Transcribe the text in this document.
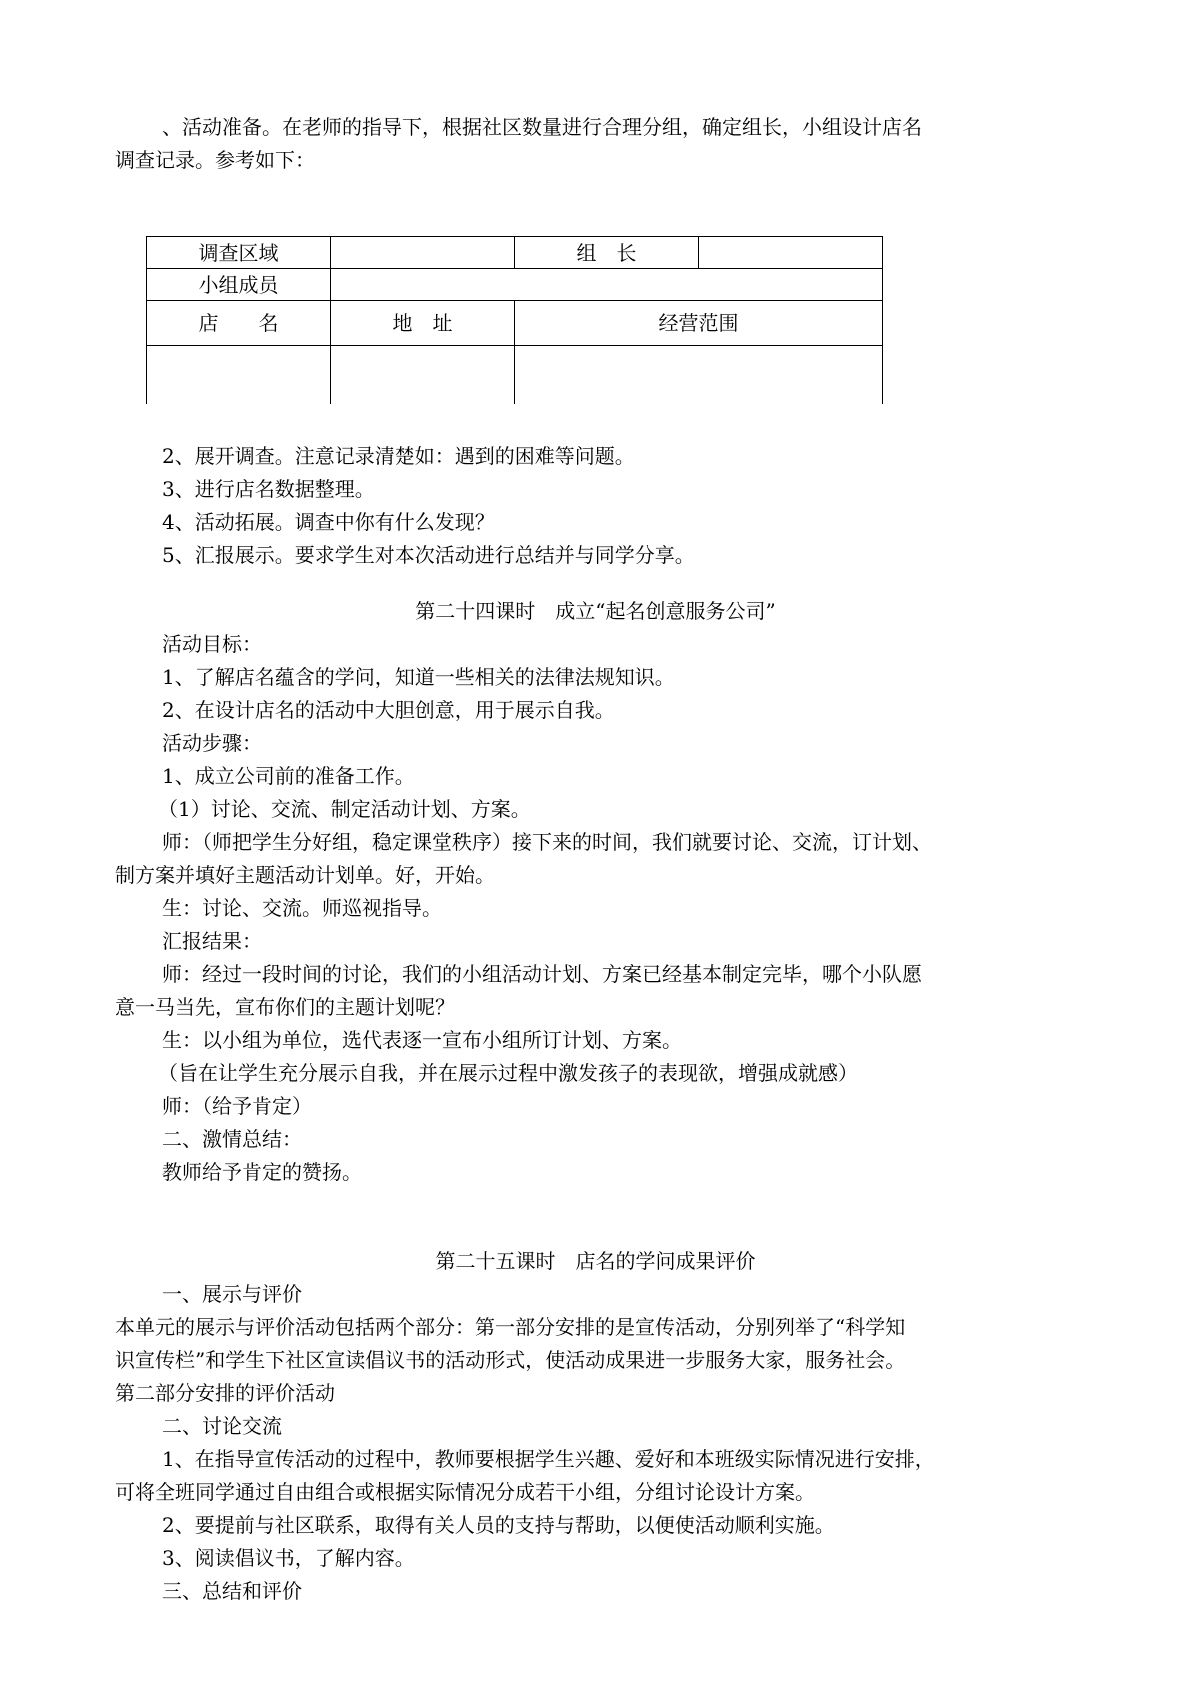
、活动准备。在老师的指导下，根据社区数量进行合理分组，确定组长，小组设计店名
调查记录。参考如下：
调查区域		组　长	
小组成员			
店　　名	地　址	经营范围	

2、展开调查。注意记录清楚如：遇到的困难等问题。
3、进行店名数据整理。
4、活动拓展。调查中你有什么发现？
5、汇报展示。要求学生对本次活动进行总结并与同学分享。
第二十四课时　成立“起名创意服务公司”
活动目标：
1、了解店名蕴含的学问，知道一些相关的法律法规知识。
2、在设计店名的活动中大胆创意，用于展示自我。
活动步骤：
1、成立公司前的准备工作。
（1）讨论、交流、制定活动计划、方案。
师：（师把学生分好组，稳定课堂秩序）接下来的时间，我们就要讨论、交流，订计划、
制方案并填好主题活动计划单。好，开始。
生：讨论、交流。师巡视指导。
汇报结果：
师：经过一段时间的讨论，我们的小组活动计划、方案已经基本制定完毕，哪个小队愿
意一马当先，宣布你们的主题计划呢？
生：以小组为单位，选代表逐一宣布小组所订计划、方案。
（旨在让学生充分展示自我，并在展示过程中激发孩子的表现欲，增强成就感）
师：（给予肯定）
二、激情总结：
教师给予肯定的赞扬。
第二十五课时　店名的学问成果评价
一、展示与评价
本单元的展示与评价活动包括两个部分：第一部分安排的是宣传活动，分别列举了“科学知
识宣传栏”和学生下社区宣读倡议书的活动形式，使活动成果进一步服务大家，服务社会。
第二部分安排的评价活动
二、讨论交流
1、在指导宣传活动的过程中，教师要根据学生兴趣、爱好和本班级实际情况进行安排，
可将全班同学通过自由组合或根据实际情况分成若干小组，分组讨论设计方案。
2、要提前与社区联系，取得有关人员的支持与帮助，以便使活动顺利实施。
3、阅读倡议书，了解内容。
三、总结和评价
